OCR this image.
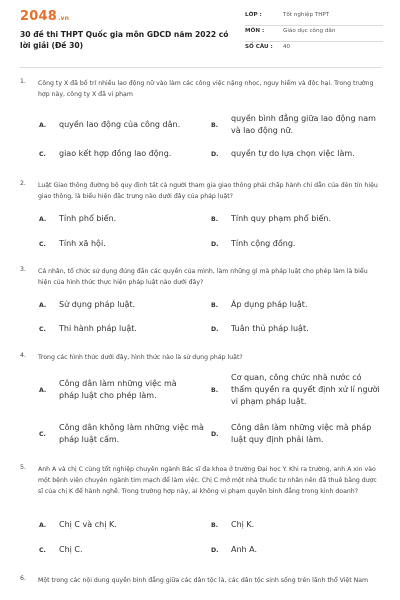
2048.vn
30 đề thi THPT Quốc gia môn GDCD năm 2022 có lời giải (Đề 30)
LỚP :	Tốt nghiệp THPT
MÔN :	Giáo dục công dân
SỐ CÂU :	40
1. Công ty X đã bố trí nhiều lao động nữ vào làm các công việc nặng nhọc, nguy hiểm và độc hại. Trong trường hợp này, công ty X đã vi phạm
A.	quyền lao động của công dân.	B.
quyền bình đẳng giữa lao động nam và lao động nữ.
C.	giao kết hợp đồng lao động.	D.	quyền tự do lựa chọn việc làm.
2. Luật Giao thông đường bộ quy định tất cả người tham gia giao thông phải chấp hành chỉ dẫn của đèn tín hiệu giao thông, là biểu hiện đặc trưng nào dưới đây của pháp luật?
A.	Tính phổ biến.	B.	Tính quy phạm phổ biến.
C.	Tính xã hội.	D.	Tính cộng đồng.
3. Cá nhân, tổ chức sử dụng đúng đắn các quyền của mình, làm những gì mà pháp luật cho phép làm là biểu hiện của hình thức thực hiện pháp luật nào dưới đây?
A.	Sử dụng pháp luật.	B.	Áp dụng pháp luật.
C.	Thi hành pháp luật.	D.	Tuân thủ pháp luật.
4. Trong các hình thức dưới đây, hình thức nào là sử dụng pháp luật?
A.
Công dân làm những việc mà pháp luật cho phép làm.
B.
Cơ quan, công chức nhà nước có thẩm quyền ra quyết định xử lí người vi phạm pháp luật.
C.
Công dân không làm những việc mà pháp luật cấm.
D.
Công dân làm những việc mà pháp luật quy định phải làm.
5. Anh A và chị C cùng tốt nghiệp chuyên ngành Bác sĩ đa khoa ở trường Đại học Y. Khi ra trường, anh A xin vào một bệnh viện chuyên ngành tim mạch để làm việc. Chị C mở một nhà thuốc tư nhân nên đã thuê bằng dược sĩ của chị K để hành nghề. Trong trường hợp này, ai không vi phạm quyền bình đẳng trong kinh doanh?
A.	Chị C và chị K.	B.	Chị K.
C.	Chị C.	D.	Anh A.
6. Một trong các nội dung quyền bình đẳng giữa các dân tộc là, các dân tộc sinh sống trên lãnh thổ Việt Nam
